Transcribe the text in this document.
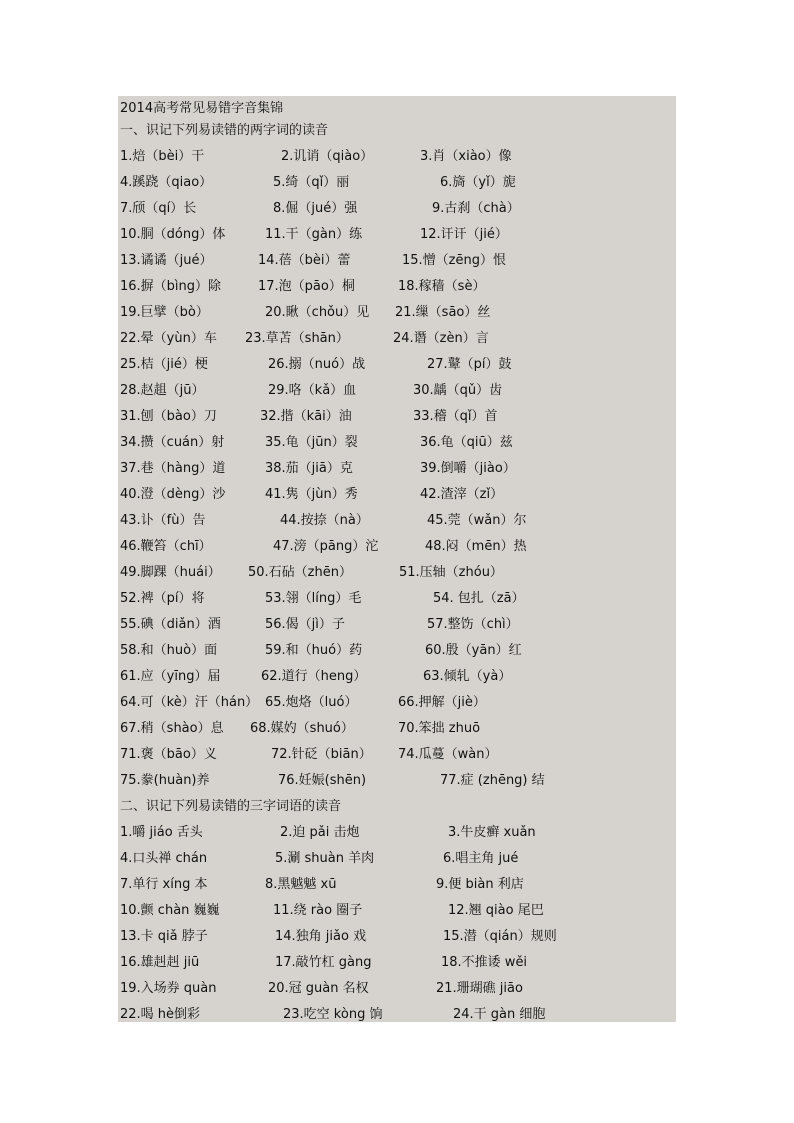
2014高考常见易错字音集锦
一、识记下列易读错的两字词的读音
1.焙（bèi）干	2.讥诮（qiào）	3.肖（xiào）像
4.蹊跷（qiao）	5.绮（qǐ）丽	6.旖（yǐ）旎
7.颀（qí）长	8.倔（jué）强	9.古刹（chà）
10.胴（dóng）体	11.干（gàn）练	12.讦讦（jié）
13.谲谲（jué）	14.蓓（bèi）蕾	15.憎（zēng）恨
16.摒（bìng）除	17.泡（pāo）桐	18.稼穑（sè）
19.巨擘（bò）	20.瞅（chǒu）见 21.缫（sāo）丝
22.晕（yùn）车 23.草苫（shān）	24.谮（zèn）言
25.桔（jié）梗	26.搦（nuó）战	27.鼙（pí）鼓
28.赵趄（jū）	29.咯（kǎ）血	30.龋（qǔ）齿
31.刨（bào）刀	32.揩（kāi）油	33.稽（qǐ）首
34.攒（cuán）射	35.龟（jūn）裂	36.龟（qiū）兹
37.巷（hàng）道	38.茄（jiā）克	39.倒嚼（jiào）
40.澄（dèng）沙	41.隽（jùn）秀	42.渣滓（zǐ）
43.讣（fù）告	44.按捺（nà）	45.莞（wǎn）尔
46.鞭笞（chī）	47.滂（pāng）沱	48.闷（mēn）热
49.脚踝（huái） 50.石砧（zhēn）	51.压轴（zhóu）
52.裨（pí）将	53.翎（líng）毛	54. 包扎（zā）
55.碘（diǎn）酒	56.偈（jì）子	57.整饬（chì）
58.和（huò）面	59.和（huó）药	60.殷（yān）红
61.应（yīng）届	62.道行（heng）	63.倾轧（yà）
64.可（kè）汗（hán） 65.炮烙（luó）	66.押解（jiè）
67.稍（shào）息 68.媒妁（shuó）	70.笨拙 zhuō
71.褒（bāo）义	72.针砭（biān） 74.瓜蔓（wàn）
75.豢(huàn)养	76.妊娠(shēn)	77.症 (zhēng) 结
二、识记下列易读错的三字词语的读音
1.嚼 jiáo 舌头	2.迫 pǎi 击炮	3.牛皮癣 xuǎn
4.口头禅 chán	5.涮 shuàn 羊肉	6.唱主角 jué
7.单行 xíng 本	8.黑魆魆 xū	9.便 biàn 利店
10.颤 chàn 巍巍	11.绕 rào 圈子	12.翘 qiào 尾巴
13.卡 qiǎ 脖子	14.独角 jiǎo 戏	15.潜（qián）规则
16.雄赳赳 jiū	17.敲竹杠 gàng	18.不推诿 wěi
19.入场券 quàn	20.冠 guàn 名权	21.珊瑚礁 jiāo
22.喝 hè倒彩	23.吃空 kòng 饷	24.干 gàn 细胞
